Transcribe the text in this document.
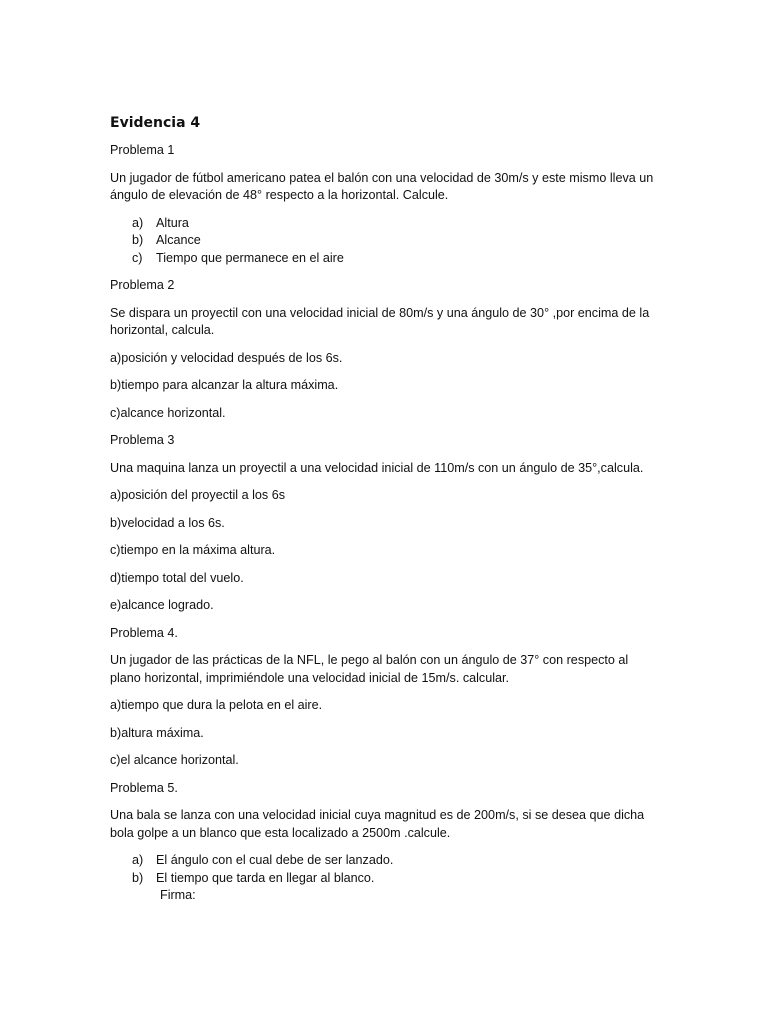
Evidencia 4
Problema 1
Un jugador de fútbol americano patea el balón con una velocidad de 30m/s y este mismo lleva un ángulo de elevación de 48° respecto a la horizontal. Calcule.
a)	Altura
b)	Alcance
c)	Tiempo que permanece en el aire
Problema 2
Se dispara un proyectil con una velocidad inicial de 80m/s y una ángulo de 30° ,por encima de la horizontal, calcula.
a)posición y velocidad después de los 6s.
b)tiempo para alcanzar la altura máxima.
c)alcance horizontal.
Problema 3
Una maquina lanza un proyectil a una velocidad inicial de 110m/s con un ángulo de 35°,calcula.
a)posición del proyectil a los 6s
b)velocidad a los 6s.
c)tiempo en la máxima altura.
d)tiempo total del vuelo.
e)alcance logrado.
Problema 4.
Un jugador de las prácticas de la NFL, le pego al balón con un ángulo de 37° con respecto al plano horizontal, imprimiéndole una velocidad inicial de 15m/s. calcular.
a)tiempo que dura la pelota en el aire.
b)altura máxima.
c)el alcance horizontal.
Problema 5.
Una bala se lanza con una velocidad inicial cuya magnitud es de 200m/s, si se desea que dicha bola golpe a un blanco que esta localizado a 2500m .calcule.
a)	El ángulo con el cual debe de ser lanzado.
b)	El tiempo que tarda en llegar al blanco.
Firma:
